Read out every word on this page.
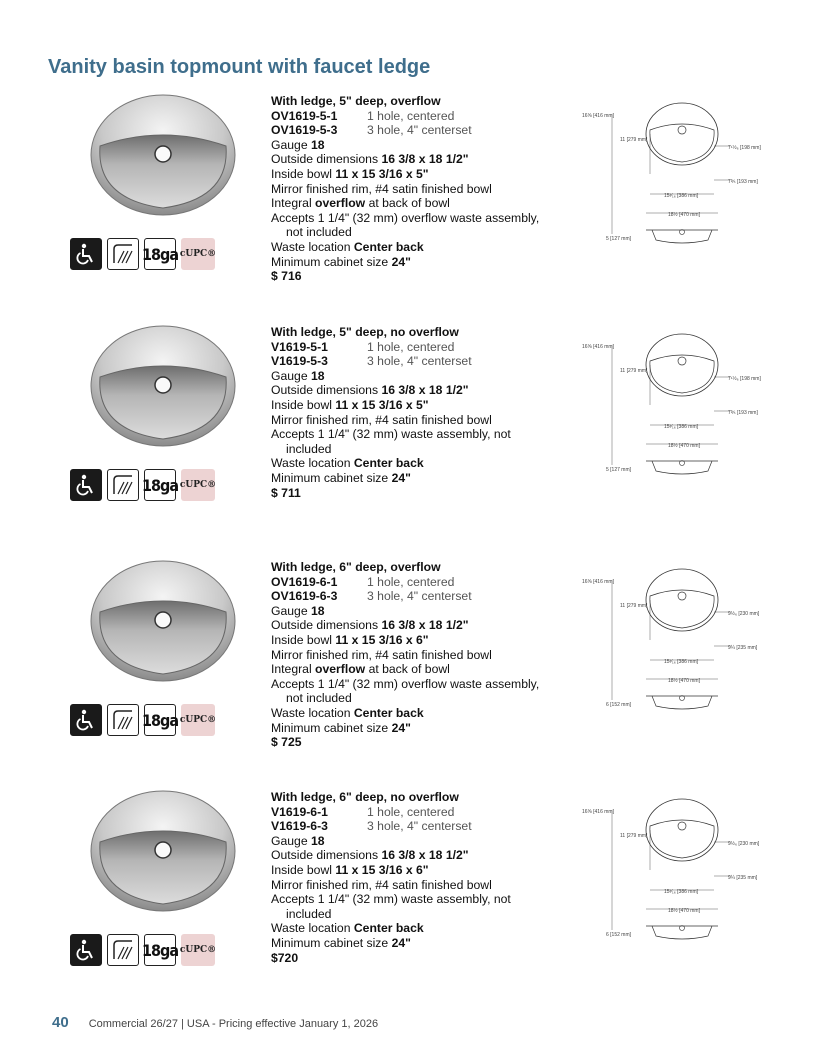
Vanity basin topmount with faucet ledge
18ga cUPC®
With ledge, 5" deep, overflow
OV1619-5-1 1 hole, centered
OV1619-5-3 3 hole, 4" centerset
Gauge 18
Outside dimensions 16 3/8 x 18 1/2"
Inside bowl 11 x 15 3/16 x 5"
Mirror finished rim, #4 satin finished bowl
Integral overflow at back of bowl
Accepts 1 1/4" (32 mm) overflow waste assembly,
not included
Waste location Center back
Minimum cabinet size 24"
$ 716
16⅝ [416 mm]
11 [279 mm]
7¹½₆ [198 mm]
7⅗ [193 mm]
15³⁄₁₆ [386 mm]
18½ [470 mm]
5 [127 mm]
18ga cUPC®
With ledge, 5" deep, no overflow
V1619-5-1	1 hole, centered
V1619-5-3	3 hole, 4" centerset
Gauge 18
Outside dimensions 16 3/8 x 18 1/2"
Inside bowl 11 x 15 3/16 x 5"
Mirror finished rim, #4 satin finished bowl
Accepts 1 1/4" (32 mm) waste assembly, not
included
Waste location Center back
Minimum cabinet size 24"
$ 711
16⅝ [416 mm]
11 [279 mm]
7¹½₆ [198 mm]
7⅗ [193 mm]
15³⁄₁₆ [386 mm]
18½ [470 mm]
5 [127 mm]
18ga cUPC®
With ledge, 6" deep, overflow
OV1619-6-1 1 hole, centered
OV1619-6-3 3 hole, 4" centerset
Gauge 18
Outside dimensions 16 3/8 x 18 1/2"
Inside bowl 11 x 15 3/16 x 6"
Mirror finished rim, #4 satin finished bowl
Integral overflow at back of bowl
Accepts 1 1/4" (32 mm) overflow waste assembly,
not included
Waste location Center back
Minimum cabinet size 24"
$ 725
16⅝ [416 mm]
11 [279 mm]
9½₆ [230 mm]
9¼ [235 mm]
15³⁄₁₆ [386 mm]
18½ [470 mm]
6 [152 mm]
18ga cUPC®
With ledge, 6" deep, no overflow
V1619-6-1	1 hole, centered
V1619-6-3	3 hole, 4" centerset
Gauge 18
Outside dimensions 16 3/8 x 18 1/2"
Inside bowl 11 x 15 3/16 x 6"
Mirror finished rim, #4 satin finished bowl
Accepts 1 1/4" (32 mm) waste assembly, not
included
Waste location Center back
Minimum cabinet size 24"
$720
16⅝ [416 mm]
11 [279 mm]
9½₆ [230 mm]
9¼ [235 mm]
15³⁄₁₆ [386 mm]
18½ [470 mm]
6 [152 mm]
40 Commercial 26/27 | USA - Pricing effective January 1, 2026
